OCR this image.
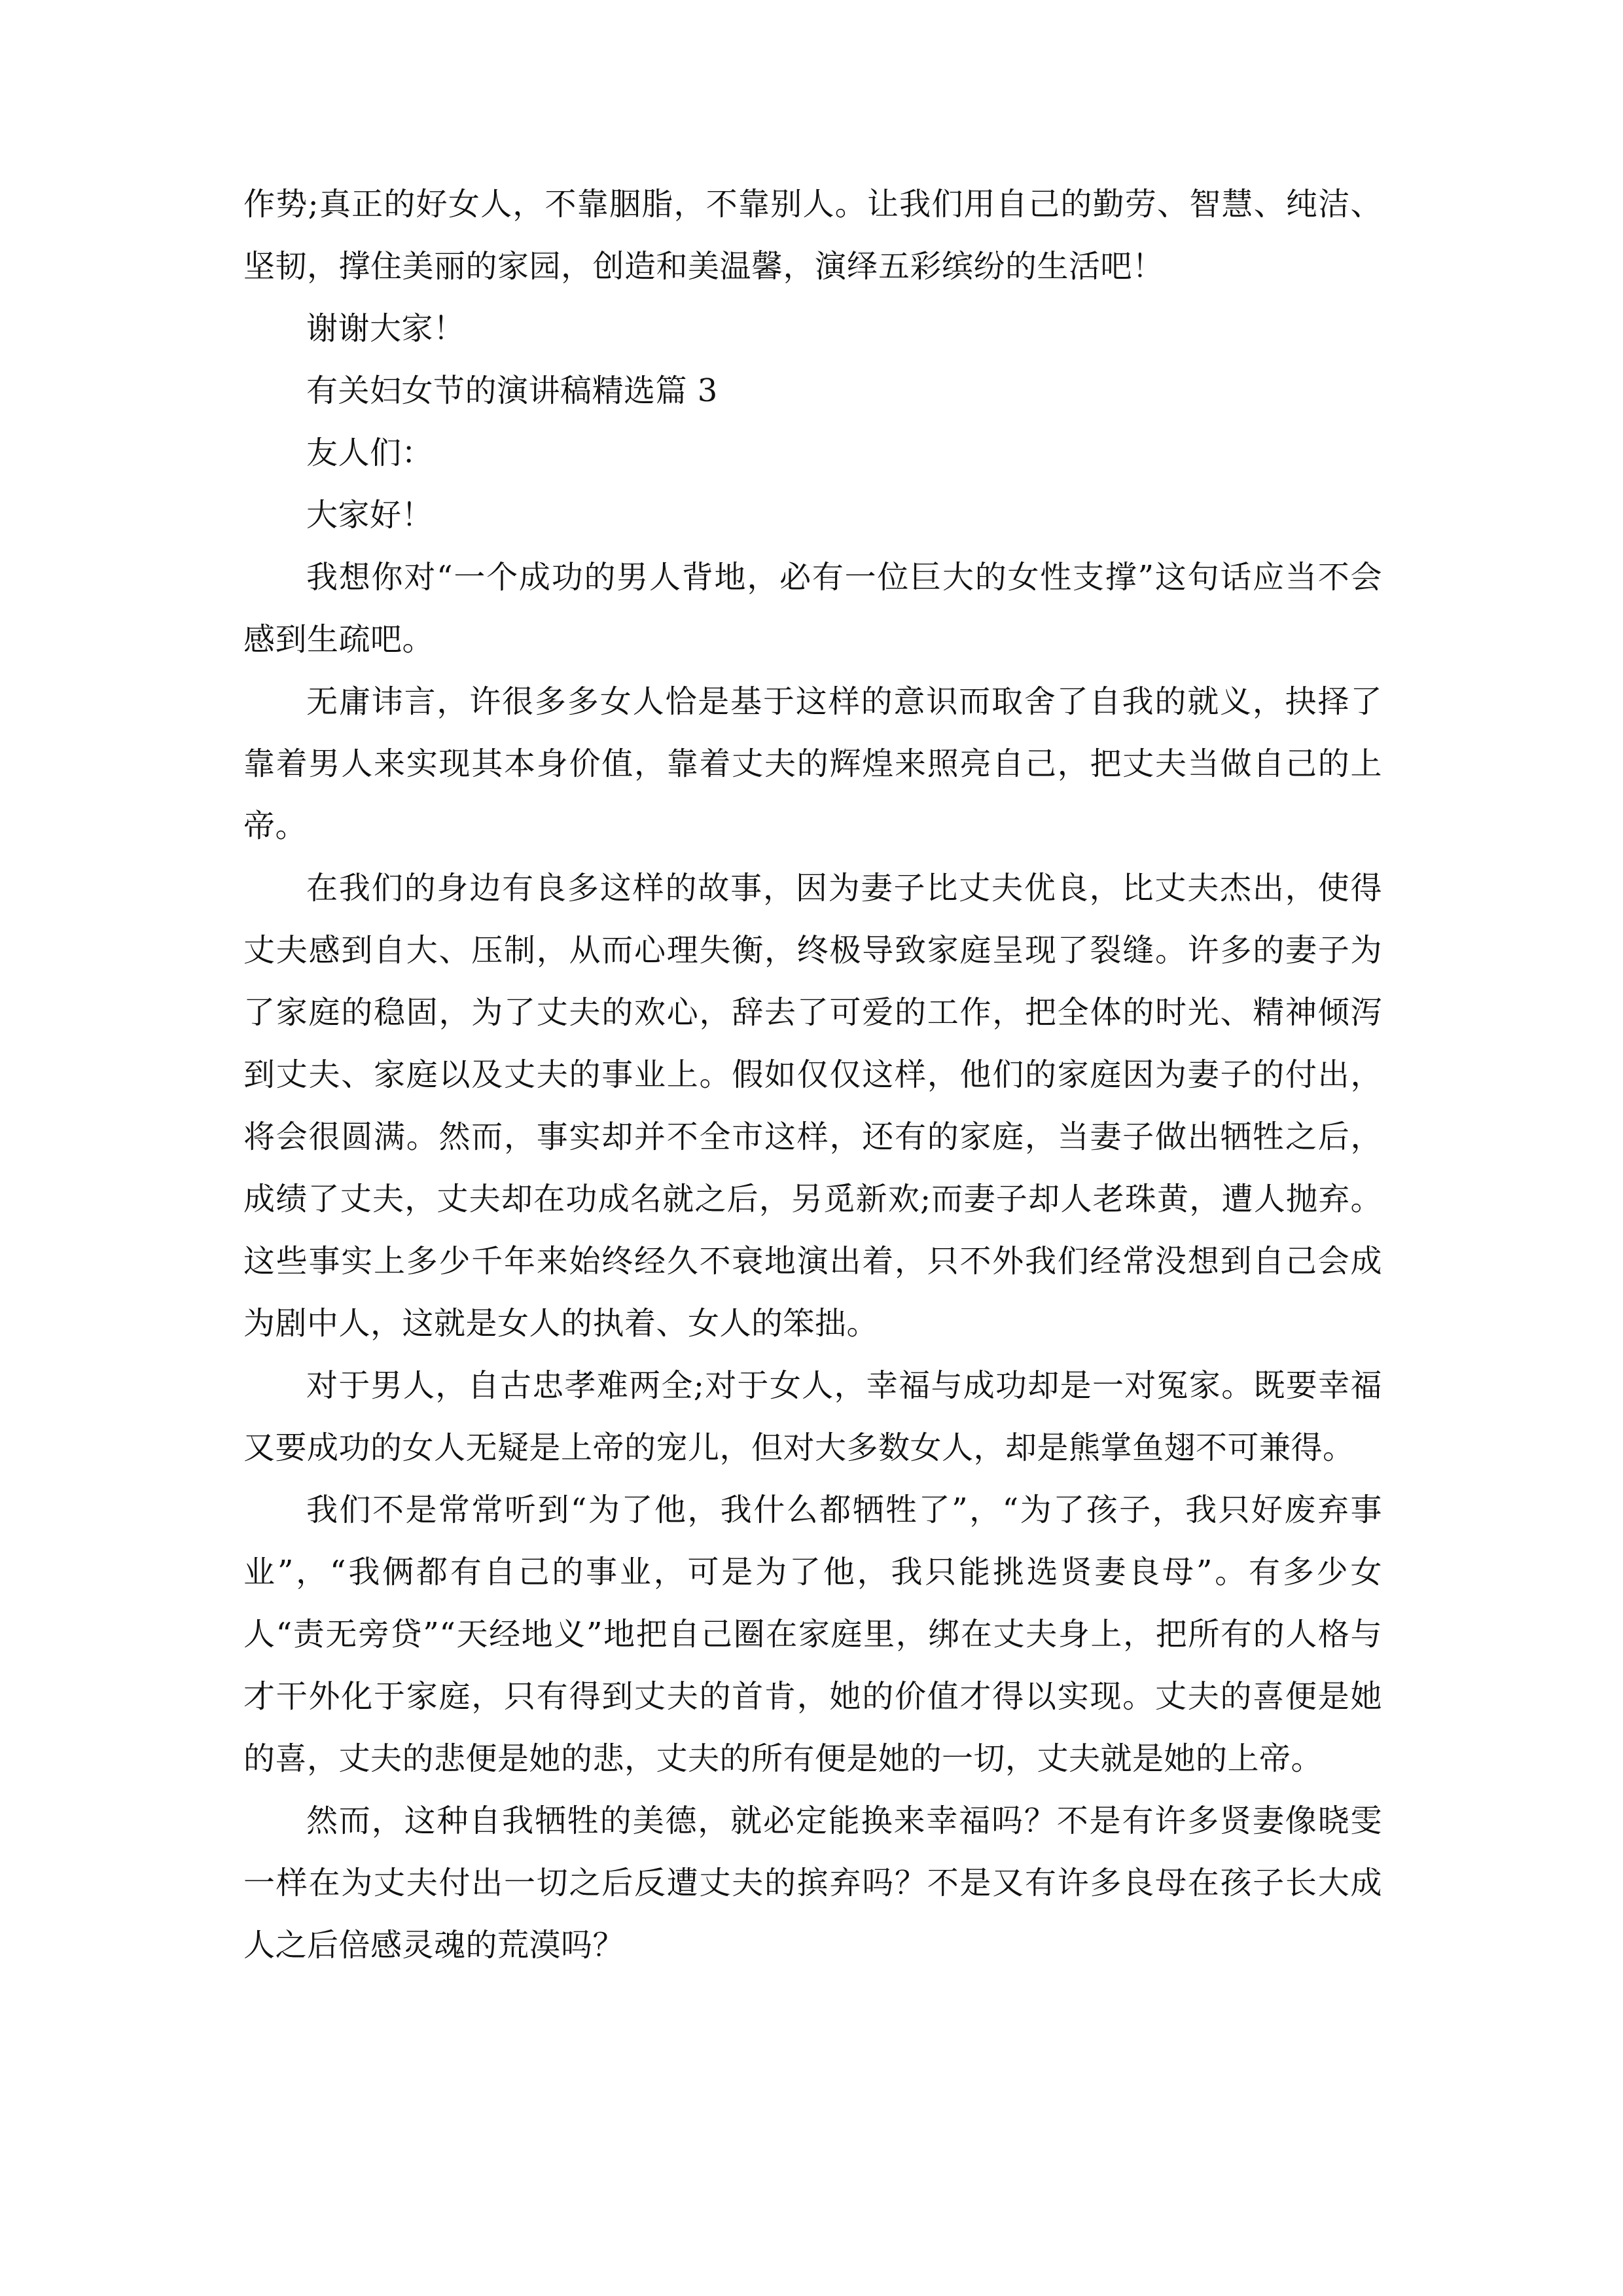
作势;真正的好女人，不靠胭脂，不靠别人。让我们用自己的勤劳、智慧、纯洁、坚韧，撑住美丽的家园，创造和美温馨，演绎五彩缤纷的生活吧！

谢谢大家！

有关妇女节的演讲稿精选篇 3

友人们：

大家好！

我想你对“一个成功的男人背地，必有一位巨大的女性支撑”这句话应当不会感到生疏吧。

无庸讳言，许很多多女人恰是基于这样的意识而取舍了自我的就义，抉择了靠着男人来实现其本身价值，靠着丈夫的辉煌来照亮自己，把丈夫当做自己的上帝。

在我们的身边有良多这样的故事，因为妻子比丈夫优良，比丈夫杰出，使得丈夫感到自大、压制，从而心理失衡，终极导致家庭呈现了裂缝。许多的妻子为了家庭的稳固，为了丈夫的欢心，辞去了可爱的工作，把全体的时光、精神倾泻到丈夫、家庭以及丈夫的事业上。假如仅仅这样，他们的家庭因为妻子的付出，将会很圆满。然而，事实却并不全市这样，还有的家庭，当妻子做出牺牲之后，成绩了丈夫，丈夫却在功成名就之后，另觅新欢;而妻子却人老珠黄，遭人抛弃。这些事实上多少千年来始终经久不衰地演出着，只不外我们经常没想到自己会成为剧中人，这就是女人的执着、女人的笨拙。

对于男人，自古忠孝难两全;对于女人，幸福与成功却是一对冤家。既要幸福又要成功的女人无疑是上帝的宠儿，但对大多数女人，却是熊掌鱼翅不可兼得。

我们不是常常听到“为了他，我什么都牺牲了”，“为了孩子，我只好废弃事业”，“我俩都有自己的事业，可是为了他，我只能挑选贤妻良母”。有多少女人“责无旁贷”“天经地义”地把自己圈在家庭里，绑在丈夫身上，把所有的人格与才干外化于家庭，只有得到丈夫的首肯，她的价值才得以实现。丈夫的喜便是她的喜，丈夫的悲便是她的悲，丈夫的所有便是她的一切，丈夫就是她的上帝。

然而，这种自我牺牲的美德，就必定能换来幸福吗？不是有许多贤妻像晓雯一样在为丈夫付出一切之后反遭丈夫的摈弃吗？不是又有许多良母在孩子长大成人之后倍感灵魂的荒漠吗？
